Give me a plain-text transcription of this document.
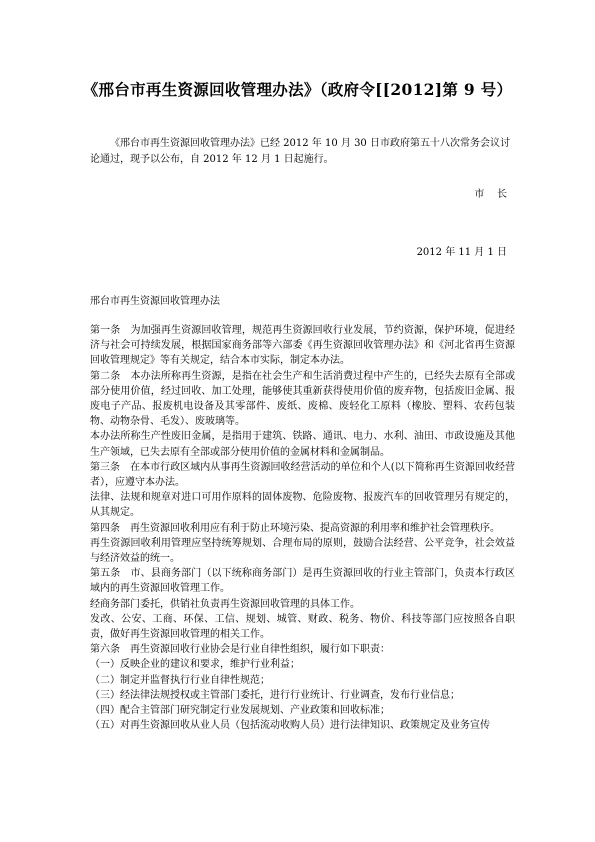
《邢台市再生资源回收管理办法》（政府令[[2012]第 9 号）

《邢台市再生资源回收管理办法》已经 2012 年 10 月 30 日市政府第五十八次常务会议讨论通过，现予以公布，自 2012 年 12 月 1 日起施行。

市    长
2012 年 11 月 1 日
邢台市再生资源回收管理办法

第一条　为加强再生资源回收管理，规范再生资源回收行业发展，节约资源，保护环境，促进经济与社会可持续发展，根据国家商务部等六部委《再生资源回收管理办法》和《河北省再生资源回收管理规定》等有关规定，结合本市实际，制定本办法。

第二条　本办法所称再生资源，是指在社会生产和生活消费过程中产生的，已经失去原有全部或部分使用价值，经过回收、加工处理，能够使其重新获得使用价值的废弃物，包括废旧金属、报废电子产品、报废机电设备及其零部件、废纸、废棉、废轻化工原料（橡胶、塑料、农药包装物、动物杂骨、毛发）、废玻璃等。

本办法所称生产性废旧金属，是指用于建筑、铁路、通讯、电力、水利、油田、市政设施及其他生产领域，已失去原有全部或部分使用价值的金属材料和金属制品。

第三条　在本市行政区域内从事再生资源回收经营活动的单位和个人(以下简称再生资源回收经营者），应遵守本办法。

法律、法规和规章对进口可用作原料的固体废物、危险废物、报废汽车的回收管理另有规定的，从其规定。

第四条　再生资源回收利用应有利于防止环境污染、提高资源的利用率和维护社会管理秩序。

再生资源回收利用管理应坚持统筹规划、合理布局的原则，鼓励合法经营、公平竞争，社会效益与经济效益的统一。

第五条　市、县商务部门（以下统称商务部门）是再生资源回收的行业主管部门，负责本行政区域内的再生资源回收管理工作。

经商务部门委托，供销社负责再生资源回收管理的具体工作。

发改、公安、工商、环保、工信、规划、城管、财政、税务、物价、科技等部门应按照各自职责，做好再生资源回收管理的相关工作。

第六条　再生资源回收行业协会是行业自律性组织，履行如下职责：

（一）反映企业的建议和要求，维护行业利益；

（二）制定并监督执行行业自律性规范；

（三）经法律法规授权或主管部门委托，进行行业统计、行业调查，发布行业信息；

（四）配合主管部门研究制定行业发展规划、产业政策和回收标准；

（五）对再生资源回收从业人员（包括流动收购人员）进行法律知识、政策规定及业务宣传
